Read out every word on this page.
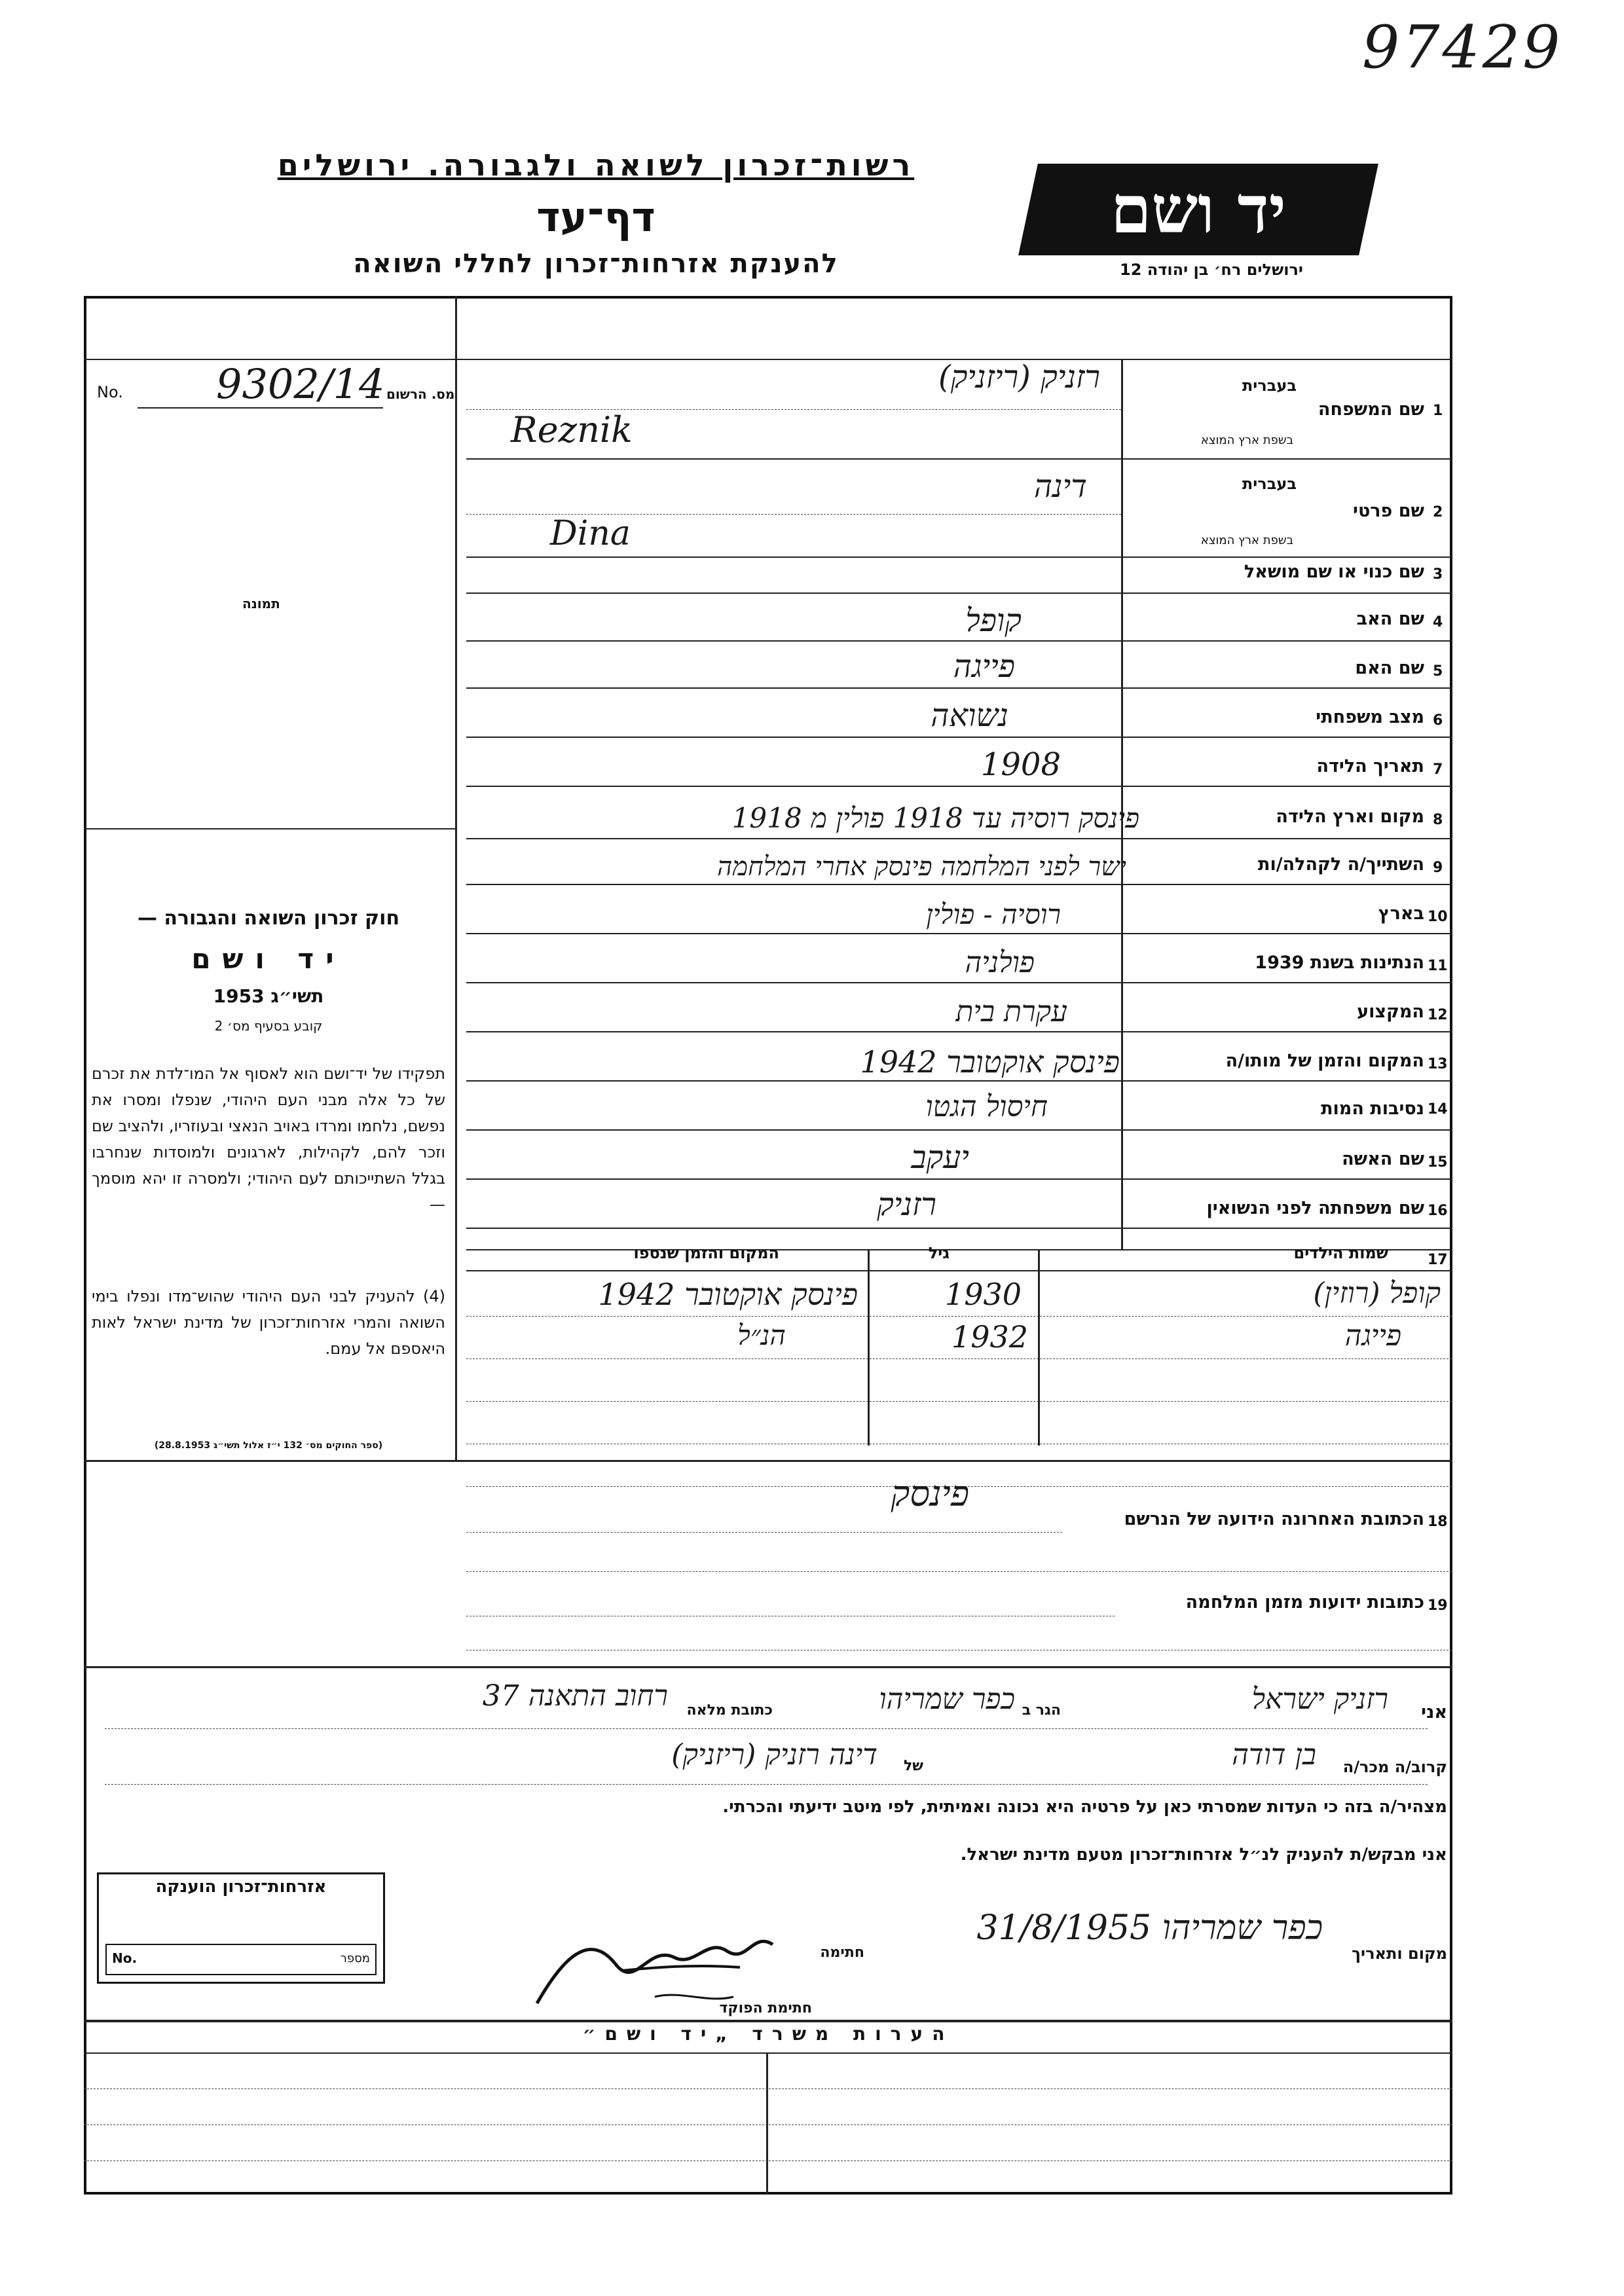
97429
רשות־זכרון לשואה ולגבורה. ירושלים
דף־עד
להענקת אזרחות־זכרון לחללי השואה
יד ושם
ירושלים רח׳ בן יהודה 12
No.	מס. הרשום
9302/14
תמונה
1
שם המשפחה
בעברית
בשפת ארץ המוצא
רזניק (ריזניק)
Reznik
2
שם פרטי
בעברית
בשפת ארץ המוצא
דינה
Dina
3
שם כנוי או שם מושאל
4
שם האב
קופל
5
שם האם
פייגה
6
מצב משפחתי
נשואה
7
תאריך הלידה
1908
8
מקום וארץ הלידה
פינסק רוסיה עד 1918 פולין מ 1918
9
השתייך/ה לקהלה/ות
ישר לפני המלחמה פינסק אחרי המלחמה
10
בארץ
רוסיה - פולין
11
הנתינות בשנת 1939
פולניה
12
המקצוע
עקרת בית
13
המקום והזמן של מותו/ה
פינסק אוקטובר 1942
14
נסיבות המות
חיסול הגטו
15
שם האשה
יעקב
16
שם משפחתה לפני הנשואין
רזניק
17
שמות הילדים
גיל
המקום והזמן שנספו
קופל (רוזין)
1930
פינסק אוקטובר 1942
פייגה
1932
הנ״ל
חוק זכרון השואה והגבורה —
יד ושם
תשי״ג 1953
קובע בסעיף מס׳ 2
תפקידו של יד־ושם הוא לאסוף אל המו־לדת את זכרם של כל אלה מבני העם היהודי, שנפלו ומסרו את נפשם, נלחמו ומרדו באויב הנאצי ובעוזריו, ולהציב שם וזכר להם, לקהילות, לארגונים ולמוסדות שנחרבו בגלל השתייכותם לעם היהודי; ולמסרה זו יהא מוסמך —
(4) להעניק לבני העם היהודי שהוש־מדו ונפלו בימי השואה והמרי אזרחות־זכרון של מדינת ישראל לאות היאספם אל עמם.
(ספר החוקים מס׳ 132 י״ז אלול תשי״ג 28.8.1953)
18
הכתובת האחרונה הידועה של הנרשם
פינסק
19
כתובות ידועות מזמן המלחמה
אני
רזניק ישראל
הגר ב
כפר שמריהו
כתובת מלאה
רחוב התאנה 37
קרוב/ה מכר/ה
בן דודה
של
דינה רזניק (ריזניק)
מצהיר/ה בזה כי העדות שמסרתי כאן על פרטיה היא נכונה ואמיתית, לפי מיטב ידיעתי והכרתי.
אני מבקש/ת להעניק לנ״ל אזרחות־זכרון מטעם מדינת ישראל.
מקום ותאריך
כפר שמריהו 31/8/1955
חתימה
חתימת הפוקד
אזרחות־זכרון הוענקה
No.	מספר
הערות משרד „יד ושם״
